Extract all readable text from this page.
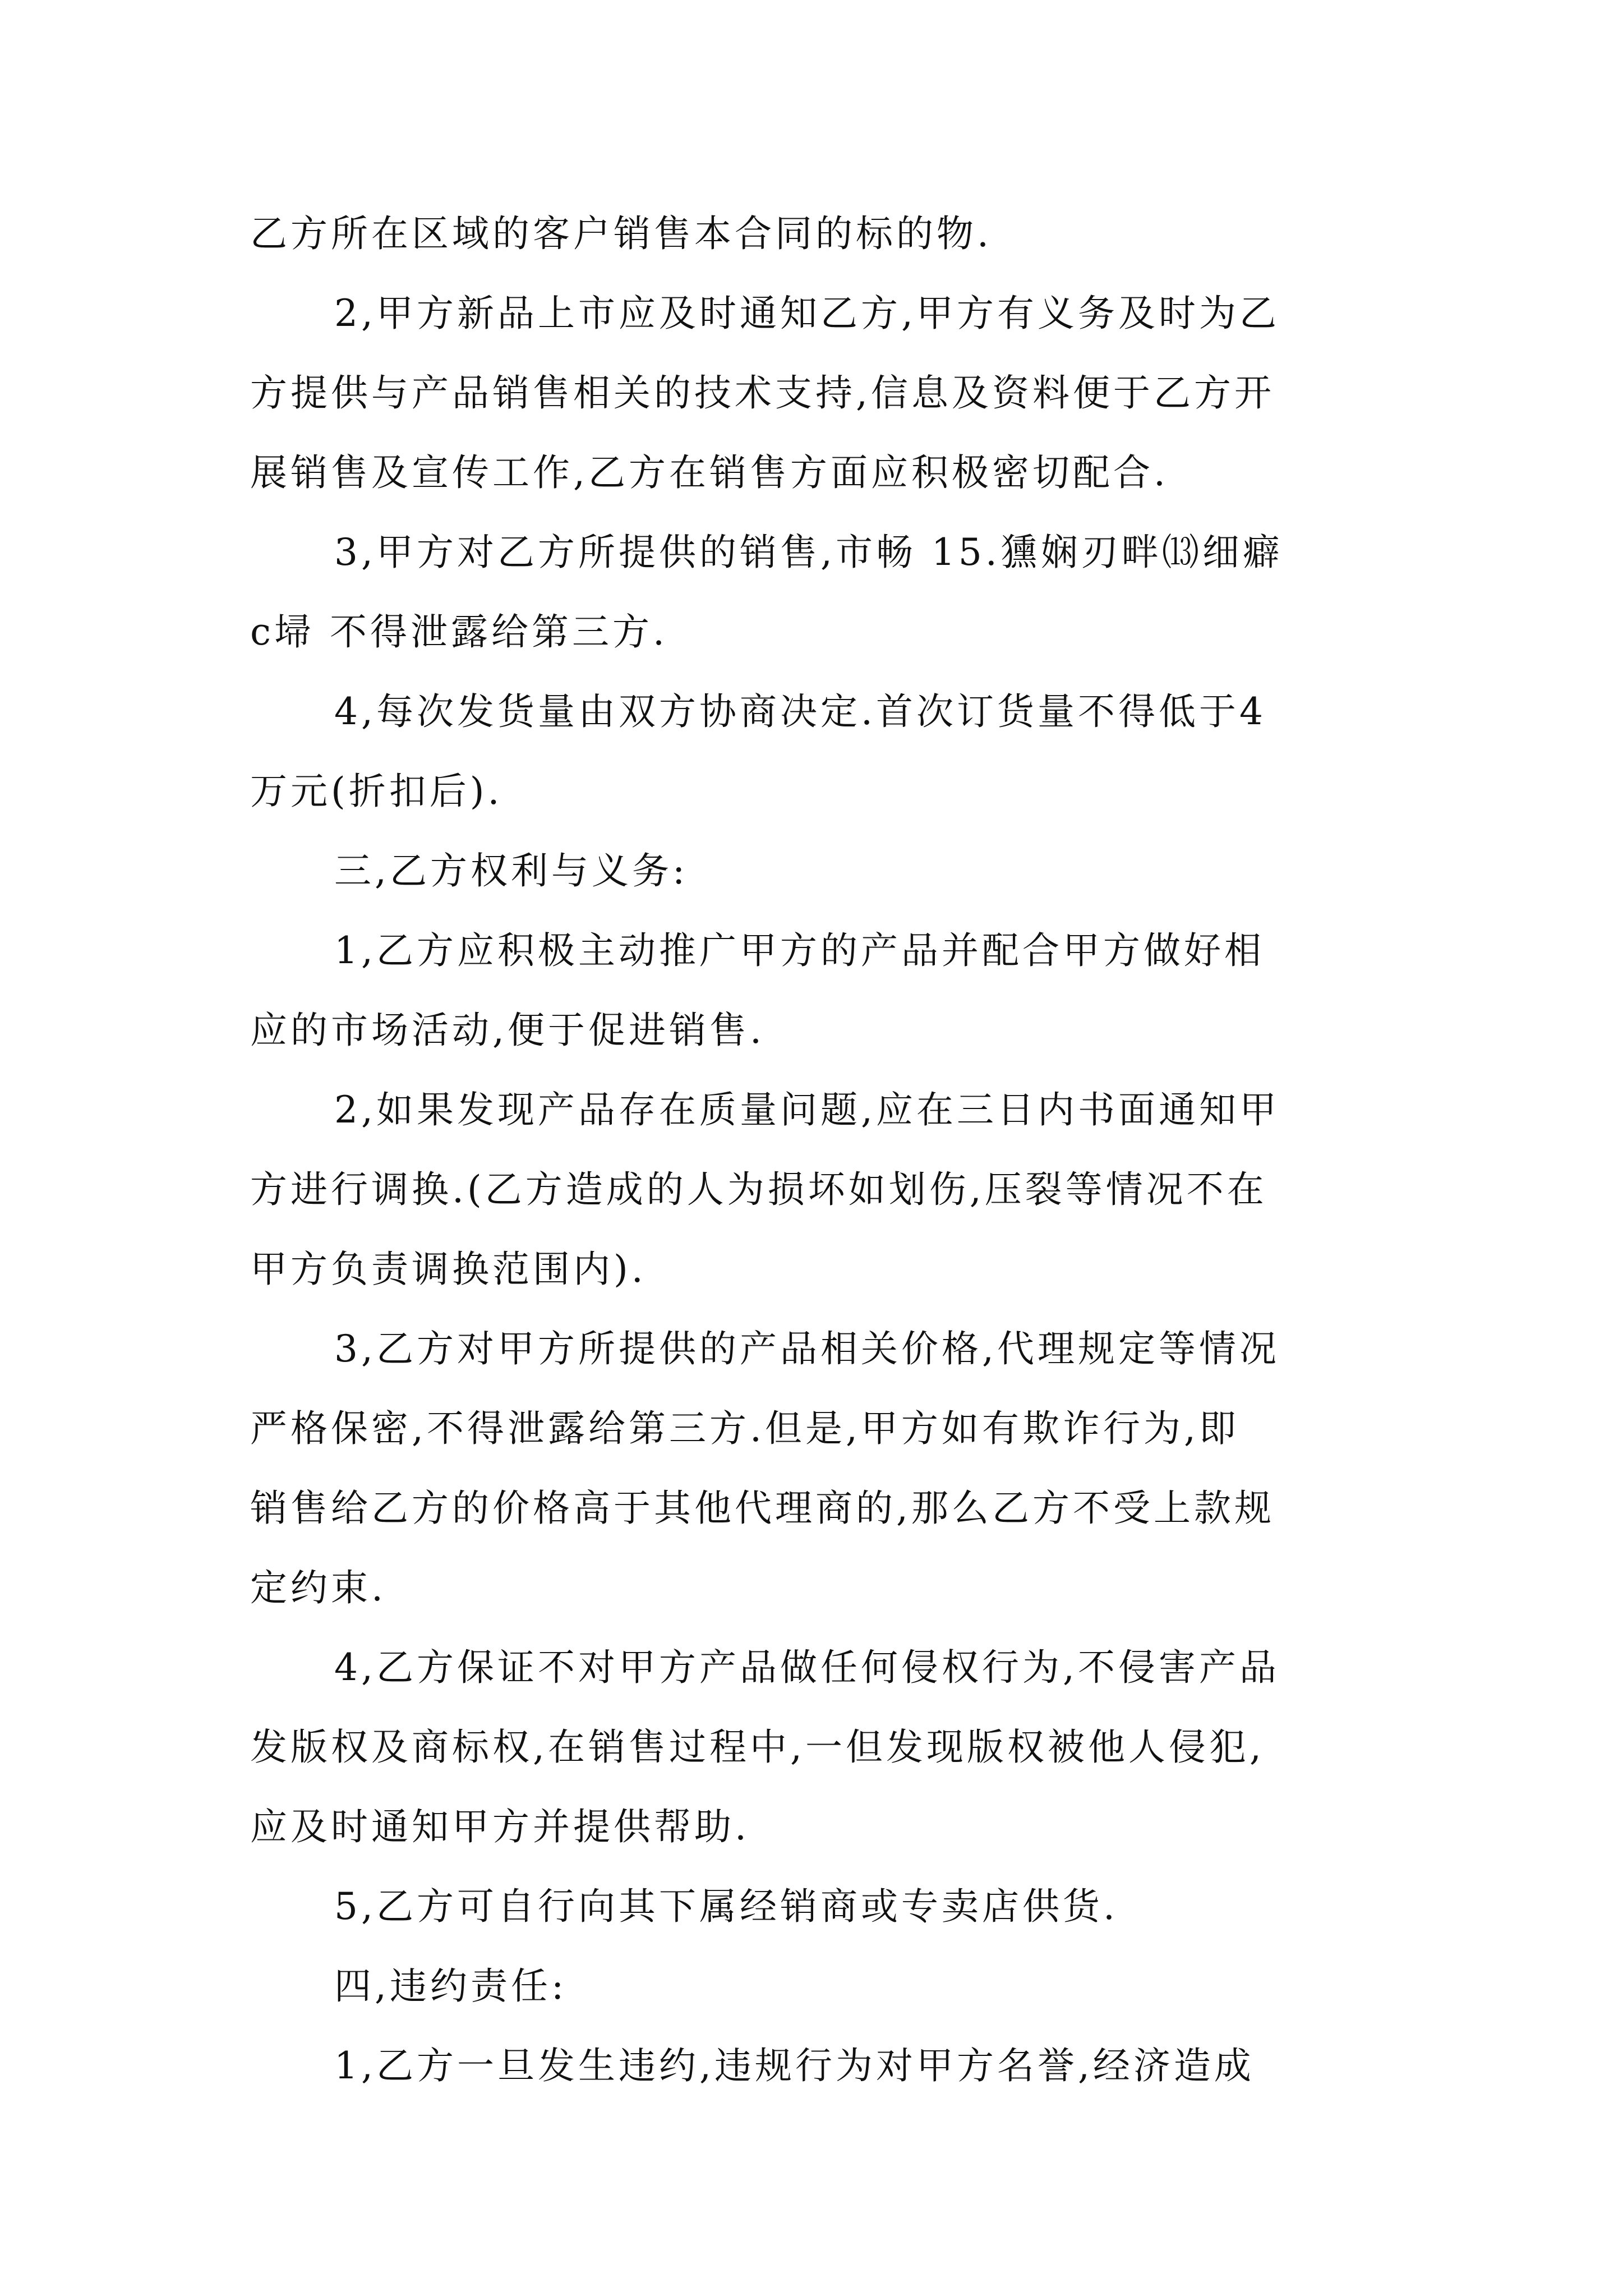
乙方所在区域的客户销售本合同的标的物.

2,甲方新品上市应及时通知乙方,甲方有义务及时为乙

方提供与产品销售相关的技术支持,信息及资料便于乙方开

展销售及宣传工作,乙方在销售方面应积极密切配合.

3,甲方对乙方所提供的销售,市畅 15.獯娴刃畔⒀细癖

c埽 不得泄露给第三方.

4,每次发货量由双方协商决定.首次订货量不得低于4

万元(折扣后).

三,乙方权利与义务:

1,乙方应积极主动推广甲方的产品并配合甲方做好相

应的市场活动,便于促进销售.

2,如果发现产品存在质量问题,应在三日内书面通知甲

方进行调换.(乙方造成的人为损坏如划伤,压裂等情况不在

甲方负责调换范围内).

3,乙方对甲方所提供的产品相关价格,代理规定等情况

严格保密,不得泄露给第三方.但是,甲方如有欺诈行为,即

销售给乙方的价格高于其他代理商的,那么乙方不受上款规

定约束.

4,乙方保证不对甲方产品做任何侵权行为,不侵害产品

发版权及商标权,在销售过程中,一但发现版权被他人侵犯,

应及时通知甲方并提供帮助.

5,乙方可自行向其下属经销商或专卖店供货.

四,违约责任:

1,乙方一旦发生违约,违规行为对甲方名誉,经济造成
